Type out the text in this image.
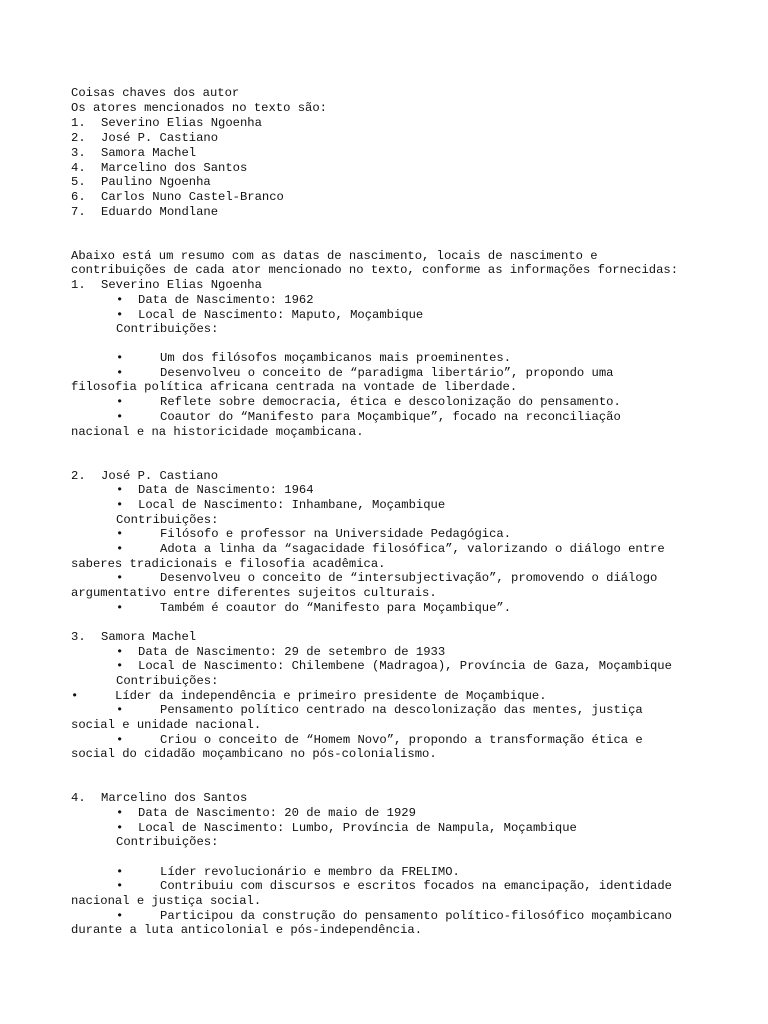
Coisas chaves dos autor
Os atores mencionados no texto são:
1. Severino Elias Ngoenha
2. José P. Castiano
3. Samora Machel
4. Marcelino dos Santos
5. Paulino Ngoenha
6. Carlos Nuno Castel-Branco
7. Eduardo Mondlane
Abaixo está um resumo com as datas de nascimento, locais de nascimento e
contribuições de cada ator mencionado no texto, conforme as informações fornecidas:
1. Severino Elias Ngoenha
• Data de Nascimento: 1962
• Local de Nascimento: Maputo, Moçambique
Contribuições:
•	Um dos filósofos moçambicanos mais proeminentes.
•	Desenvolveu o conceito de “paradigma libertário”, propondo uma
filosofia política africana centrada na vontade de liberdade.
•	Reflete sobre democracia, ética e descolonização do pensamento.
•	Coautor do “Manifesto para Moçambique”, focado na reconciliação
nacional e na historicidade moçambicana.
2. José P. Castiano
• Data de Nascimento: 1964
• Local de Nascimento: Inhambane, Moçambique
Contribuições:
•	Filósofo e professor na Universidade Pedagógica.
•	Adota a linha da “sagacidade filosófica”, valorizando o diálogo entre
saberes tradicionais e filosofia acadêmica.
•	Desenvolveu o conceito de “intersubjectivação”, promovendo o diálogo
argumentativo entre diferentes sujeitos culturais.
•	Também é coautor do “Manifesto para Moçambique”.
3. Samora Machel
• Data de Nascimento: 29 de setembro de 1933
• Local de Nascimento: Chilembene (Madragoa), Província de Gaza, Moçambique
Contribuições:
•	Líder da independência e primeiro presidente de Moçambique.
•	Pensamento político centrado na descolonização das mentes, justiça
social e unidade nacional.
•	Criou o conceito de “Homem Novo”, propondo a transformação ética e
social do cidadão moçambicano no pós-colonialismo.
4. Marcelino dos Santos
• Data de Nascimento: 20 de maio de 1929
• Local de Nascimento: Lumbo, Província de Nampula, Moçambique
Contribuições:
•	Líder revolucionário e membro da FRELIMO.
•	Contribuiu com discursos e escritos focados na emancipação, identidade
nacional e justiça social.
•	Participou da construção do pensamento político-filosófico moçambicano
durante a luta anticolonial e pós-independência.
